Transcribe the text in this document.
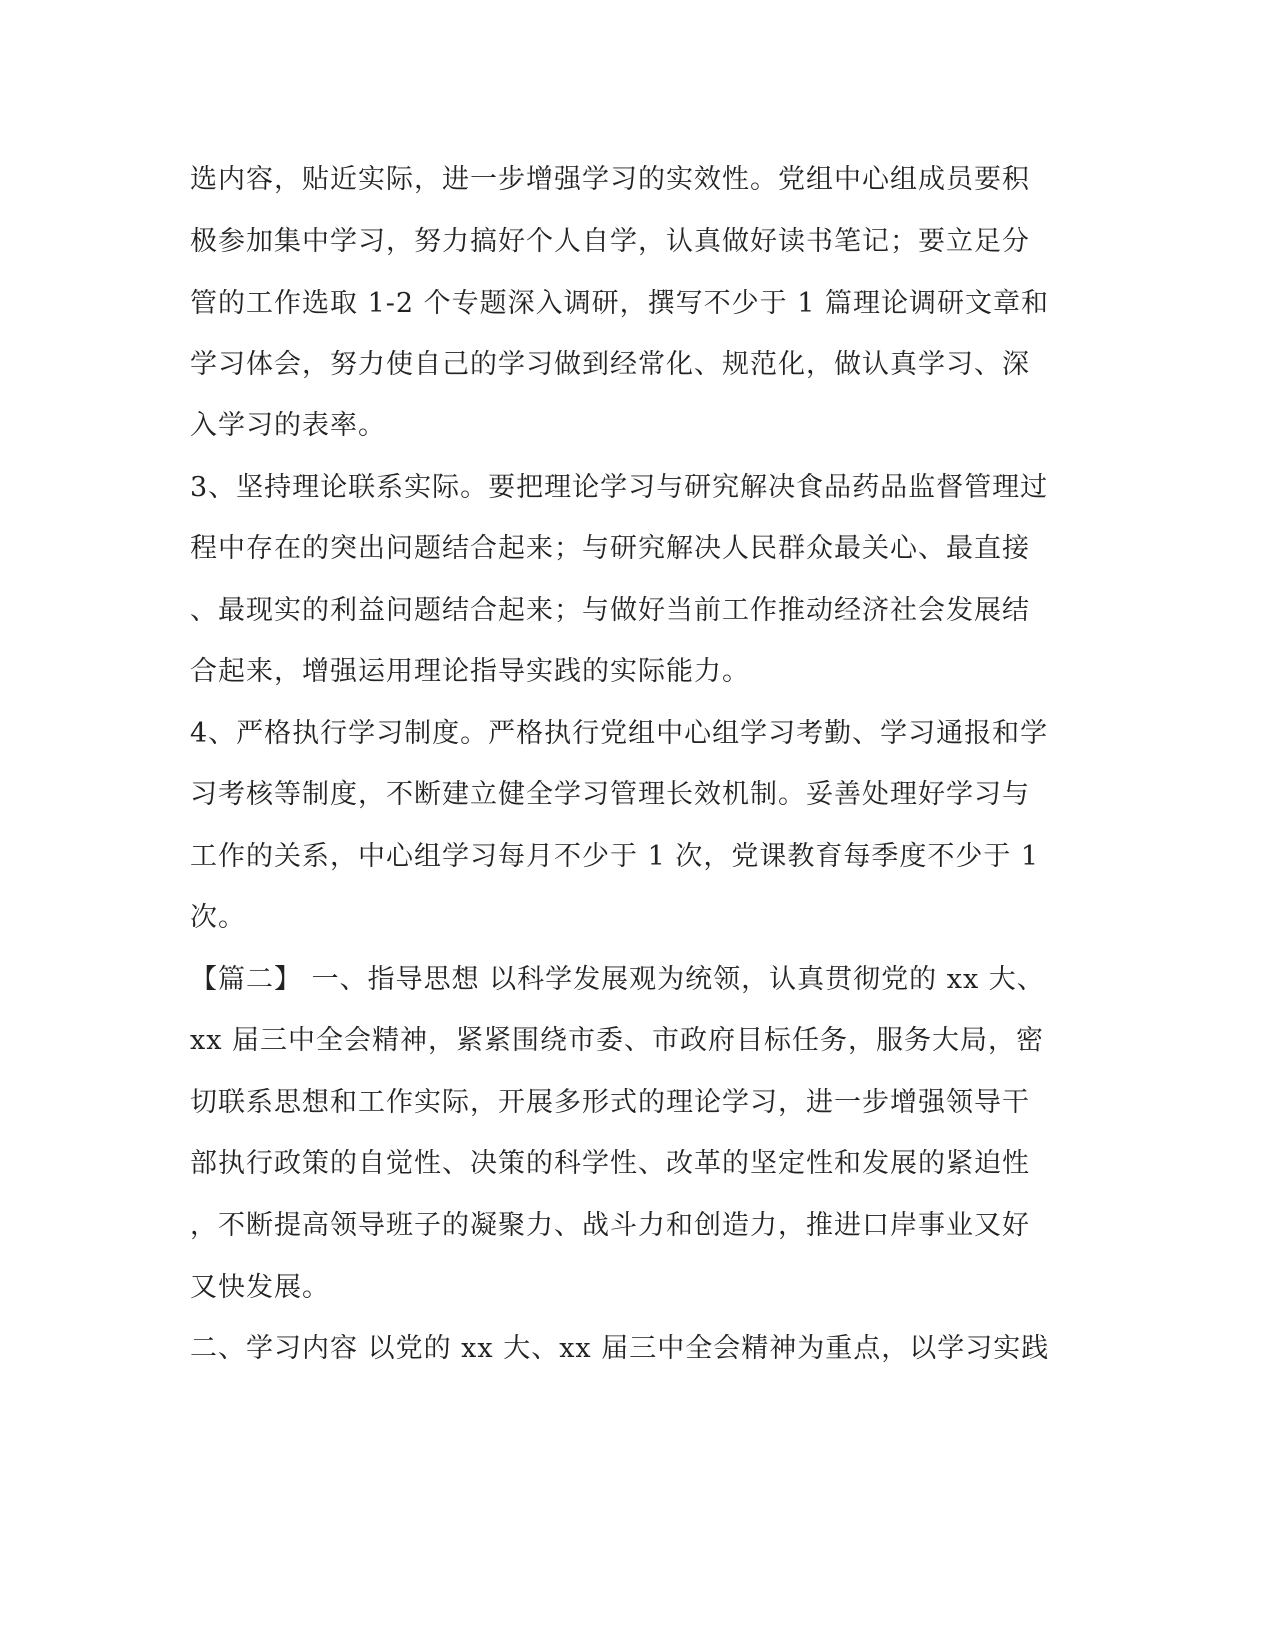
选内容，贴近实际，进一步增强学习的实效性。党组中心组成员要积
极参加集中学习，努力搞好个人自学，认真做好读书笔记；要立足分
管的工作选取 1-2 个专题深入调研，撰写不少于 1 篇理论调研文章和
学习体会，努力使自己的学习做到经常化、规范化，做认真学习、深
入学习的表率。
3、坚持理论联系实际。要把理论学习与研究解决食品药品监督管理过
程中存在的突出问题结合起来；与研究解决人民群众最关心、最直接
、最现实的利益问题结合起来；与做好当前工作推动经济社会发展结
合起来，增强运用理论指导实践的实际能力。
4、严格执行学习制度。严格执行党组中心组学习考勤、学习通报和学
习考核等制度，不断建立健全学习管理长效机制。妥善处理好学习与
工作的关系，中心组学习每月不少于 1 次，党课教育每季度不少于 1
次。
【篇二】 一、指导思想 以科学发展观为统领，认真贯彻党的 xx 大、
xx 届三中全会精神，紧紧围绕市委、市政府目标任务，服务大局，密
切联系思想和工作实际，开展多形式的理论学习，进一步增强领导干
部执行政策的自觉性、决策的科学性、改革的坚定性和发展的紧迫性
，不断提高领导班子的凝聚力、战斗力和创造力，推进口岸事业又好
又快发展。
二、学习内容 以党的 xx 大、xx 届三中全会精神为重点，以学习实践
